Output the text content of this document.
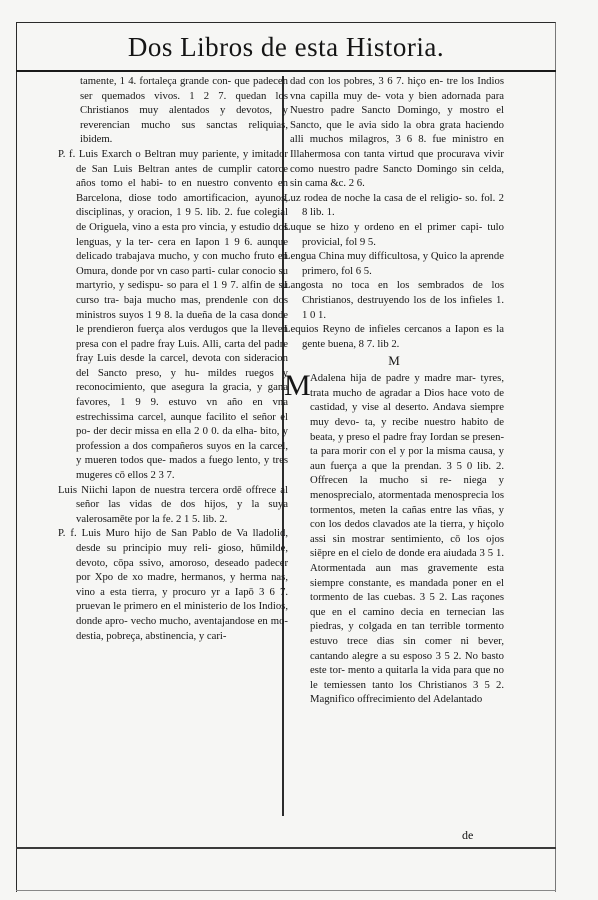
Dos Libros de esta Historia.

tamente, 1 4. fortaleça grande con- que padecen ser quemados vivos. 1 2 7. quedan los Christianos muy alentados y devotos, y reverencian mucho sus sanctas reliquias, ibidem.

P. f. Luis Exarch o Beltran muy pariente, y imitador de San Luis Beltran antes de cumplir catorce años tomo el habi- to en nuestro convento en Barcelona, diose todo amortificacion, ayunos, disciplinas, y oracion, 1 9 5. lib. 2. fue colegial de Origuela, vino a esta pro vincia, y estudio dos lenguas, y la ter- cera en Iapon 1 9 6. aunque delicado trabajava mucho, y con mucho fruto en Omura, donde por vn caso parti- cular conocio su martyrio, y sedispu- so para el 1 9 7. alfin de su curso tra- baja mucho mas, prendenle con dos ministros suyos 1 9 8. la dueña de la casa donde le prendieron fuerça alos verdugos que la lleven presa con el padre fray Luis. Alli, carta del padre fray Luis desde la carcel, devota con sideracion del Sancto preso, y hu- mildes ruegos y reconocimiento, que asegura la gracia, y gana favores, 1 9 9. estuvo vn año en vna estrechissima carcel, aunque facilito el señor el po- der decir missa en ella 2 0 0. da elha- bito, y profession a dos compañeros suyos en la carcel, y mueren todos que- mados a fuego lento, y tres mugeres cō ellos 2 3 7.

Luis Niichi lapon de nuestra tercera ordē offrece al señor las vidas de dos hijos, y la suya valerosamēte por la fe. 2 1 5. lib. 2.

P. f. Luis Muro hijo de San Pablo de Va lladolid, desde su principio muy reli- gioso, hūmilde, devoto, cōpa ssivo, amoroso, deseado padecer por Xpo de xo madre, hermanos, y herma nas, vino a esta tierra, y procuro yr a Iapō 3 6 7. pruevan le primero en el ministerio de los Indios, donde apro- vecho mucho, aventajandose en mo- destia, pobreça, abstinencia, y cari-

dad con los pobres, 3 6 7. hiço en- tre los Indios vna capilla muy de- vota y bien adornada para Nuestro padre Sancto Domingo, y mostro el Sancto, que le avia sido la obra grata haciendo alli muchos milagros, 3 6 8. fue ministro en Illahermosa con tanta virtud que procurava vivir como nuestro padre Sancto Domingo sin celda, sin cama &c. 2 6.

Luz rodea de noche la casa de el religio- so. fol. 2 8 lib. 1.

Luque se hizo y ordeno en el primer capi- tulo provicial, fol 9 5.

Lengua China muy difficultosa, y Quico la aprende primero, fol 6 5.

Langosta no toca en los sembrados de los Christianos, destruyendo los de los infieles 1. 1 0 1.

Lequios Reyno de infieles cercanos a Iapon es la gente buena, 8 7. lib 2.

M
M Adalena hija de padre y madre mar- tyres, trata mucho de agradar a Dios hace voto de castidad, y vise al deserto. Andava siempre muy devo- ta, y recibe nuestro habito de beata, y preso el padre fray Iordan se presen- ta para morir con el y por la misma causa, y aun fuerça a que la prendan. 3 5 0 lib. 2. Offrecen la mucho si re- niega y menosprecialo, atormentada menosprecia los tormentos, meten la cañas entre las vñas, y con los dedos clavados ate la tierra, y hiçolo assi sin mostrar sentimiento, cō los ojos siēpre en el cielo de donde era aiudada 3 5 1. Atormentada aun mas gravemente esta siempre constante, es mandada poner en el tormento de las cuebas. 3 5 2. Las raçones que en el camino decia en ternecian las piedras, y colgada en tan terrible tormento estuvo trece dias sin comer ni bever, cantando alegre a su esposo 3 5 2. No basto este tor- mento a quitarla la vida para que no le temiessen tanto los Christianos 3 5 2. Magnifico offrecimiento del Adelantado
de
